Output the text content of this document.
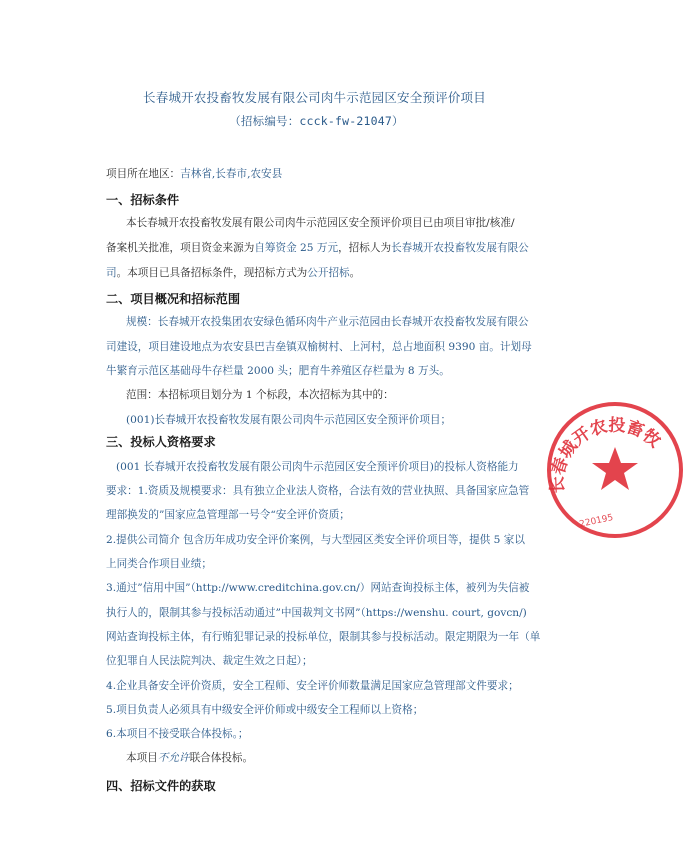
长春城开农投畜牧发展有限公司肉牛示范园区安全预评价项目
（招标编号：ccck-fw-21047）
项目所在地区：吉林省,长春市,农安县
一、招标条件
本长春城开农投畜牧发展有限公司肉牛示范园区安全预评价项目已由项目审批/核准/
备案机关批准，项目资金来源为自筹资金 25 万元，招标人为长春城开农投畜牧发展有限公
司。本项目已具备招标条件，现招标方式为公开招标。
二、项目概况和招标范围
规模：长春城开农投集团农安绿色循环肉牛产业示范园由长春城开农投畜牧发展有限公
司建设，项目建设地点为农安县巴吉垒镇双榆树村、上河村，总占地面积 9390 亩。计划母
牛繁育示范区基础母牛存栏量 2000 头；肥育牛养殖区存栏量为 8 万头。
范围：本招标项目划分为 1 个标段，本次招标为其中的：
(001)长春城开农投畜牧发展有限公司肉牛示范园区安全预评价项目；
三、投标人资格要求
(001 长春城开农投畜牧发展有限公司肉牛示范园区安全预评价项目)的投标人资格能力
要求：1.资质及规模要求：具有独立企业法人资格，合法有效的营业执照、具备国家应急管
理部换发的”国家应急管理部一号令“安全评价资质；
2.提供公司简介 包含历年成功安全评价案例，与大型园区类安全评价项目等，提供 5 家以
上同类合作项目业绩；
3.通过”信用中国”（http://www.creditchina.gov.cn/）网站查询投标主体，被列为失信被
执行人的，限制其参与投标活动通过”中国裁判文书网”（https://wenshu. court, govcn/)
网站查询投标主体，有行贿犯罪记录的投标单位，限制其参与投标活动。限定期限为一年（单
位犯罪自人民法院判决、裁定生效之日起）；
4.企业具备安全评价资质，安全工程师、安全评价师数量满足国家应急管理部文件要求；
5.项目负责人必须具有中级安全评价师或中级安全工程师以上资格；
6.本项目不接受联合体投标。；
本项目不允许联合体投标。
四、招标文件的获取
长春城开农投畜牧
220195
